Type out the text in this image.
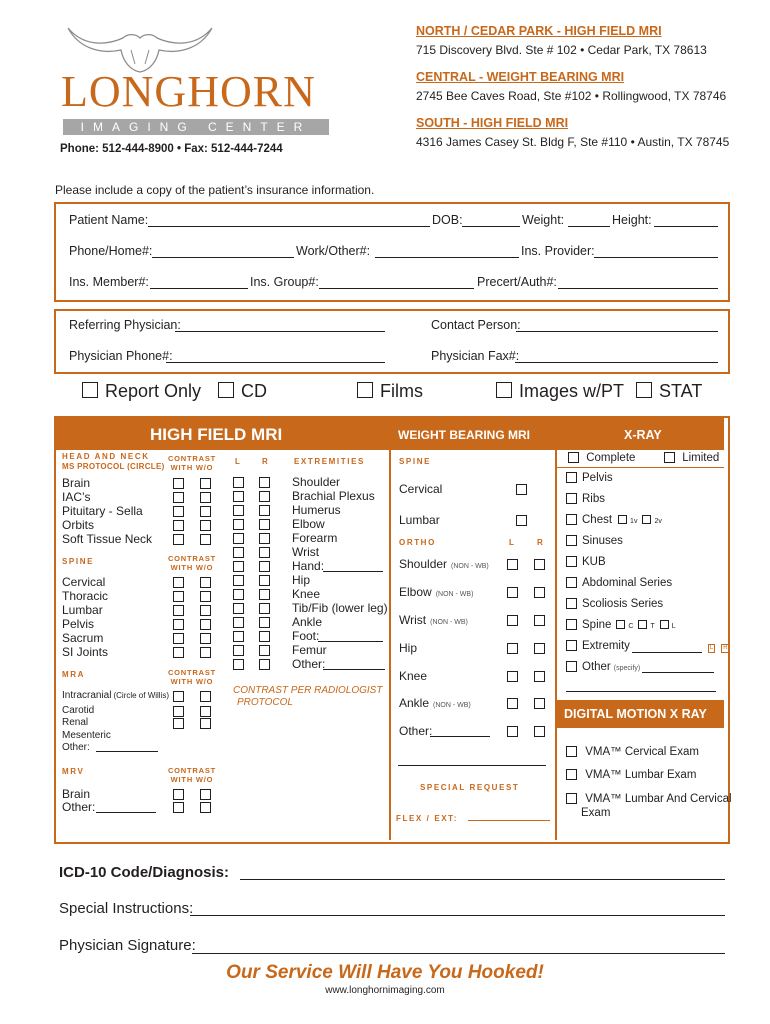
LONGHORN
IMAGING CENTER
Phone: 512-444-8900 • Fax: 512-444-7244
NORTH / CEDAR PARK - HIGH FIELD MRI
715 Discovery Blvd. Ste # 102 • Cedar Park, TX 78613
CENTRAL - WEIGHT BEARING MRI
2745 Bee Caves Road, Ste #102 • Rollingwood, TX 78746
SOUTH - HIGH FIELD MRI
4316 James Casey St. Bldg F, Ste #110 • Austin, TX 78745
Please include a copy of the patient’s insurance information.
Patient Name:	DOB:	Weight:	Height:
Phone/Home#:	Work/Other#:	Ins. Provider:
Ins. Member#:	Ins. Group#:	Precert/Auth#:
Referring Physician:	Contact Person:
Physician Phone#:	Physician Fax#:
Report Only	CD	Films	Images w/PT	STAT
HIGH FIELD MRI	WEIGHT BEARING MRI	X-RAY
HEAD AND NECK
MS PROTOCOL (CIRCLE)
CONTRAST
WITH W/O
Brain
IAC’s
Pituitary - Sella
Orbits
Soft Tissue Neck
SPINE	CONTRAST
WITH W/O
Cervical
Thoracic
Lumbar
Pelvis
Sacrum
SI Joints
MRA	CONTRAST
WITH W/O
Intracranial (Circle of Willis)
Carotid
Renal
Mesenteric
Other:
MRV	CONTRAST
WITH W/O
Brain
Other:
L	R	EXTREMITIES
Shoulder
Brachial Plexus
Humerus
Elbow
Forearm
Wrist
Hand:
Hip
Knee
Tib/Fib (lower leg)
Ankle
Foot:
Femur
Other:
CONTRAST PER RADIOLOGIST
PROTOCOL
SPINE
Cervical
Lumbar
ORTHO	L	R
Shoulder (NON - WB)
Elbow (NON - WB)
Wrist (NON - WB)
Hip
Knee
Ankle (NON - WB)
Other:
SPECIAL REQUEST
FLEX / EXT:
Complete	Limited
Pelvis
Ribs
Chest	1v 2v
Sinuses
KUB
Abdominal Series
Scoliosis Series
Spine C T L
Extremity	L R
Other (specify)
DIGITAL MOTION X RAY
VMA™ Cervical Exam
VMA™ Lumbar Exam
VMA™ Lumbar And Cervical
Exam
ICD-10 Code/Diagnosis:
Special Instructions:
Physician Signature:
Our Service Will Have You Hooked!
www.longhornimaging.com
